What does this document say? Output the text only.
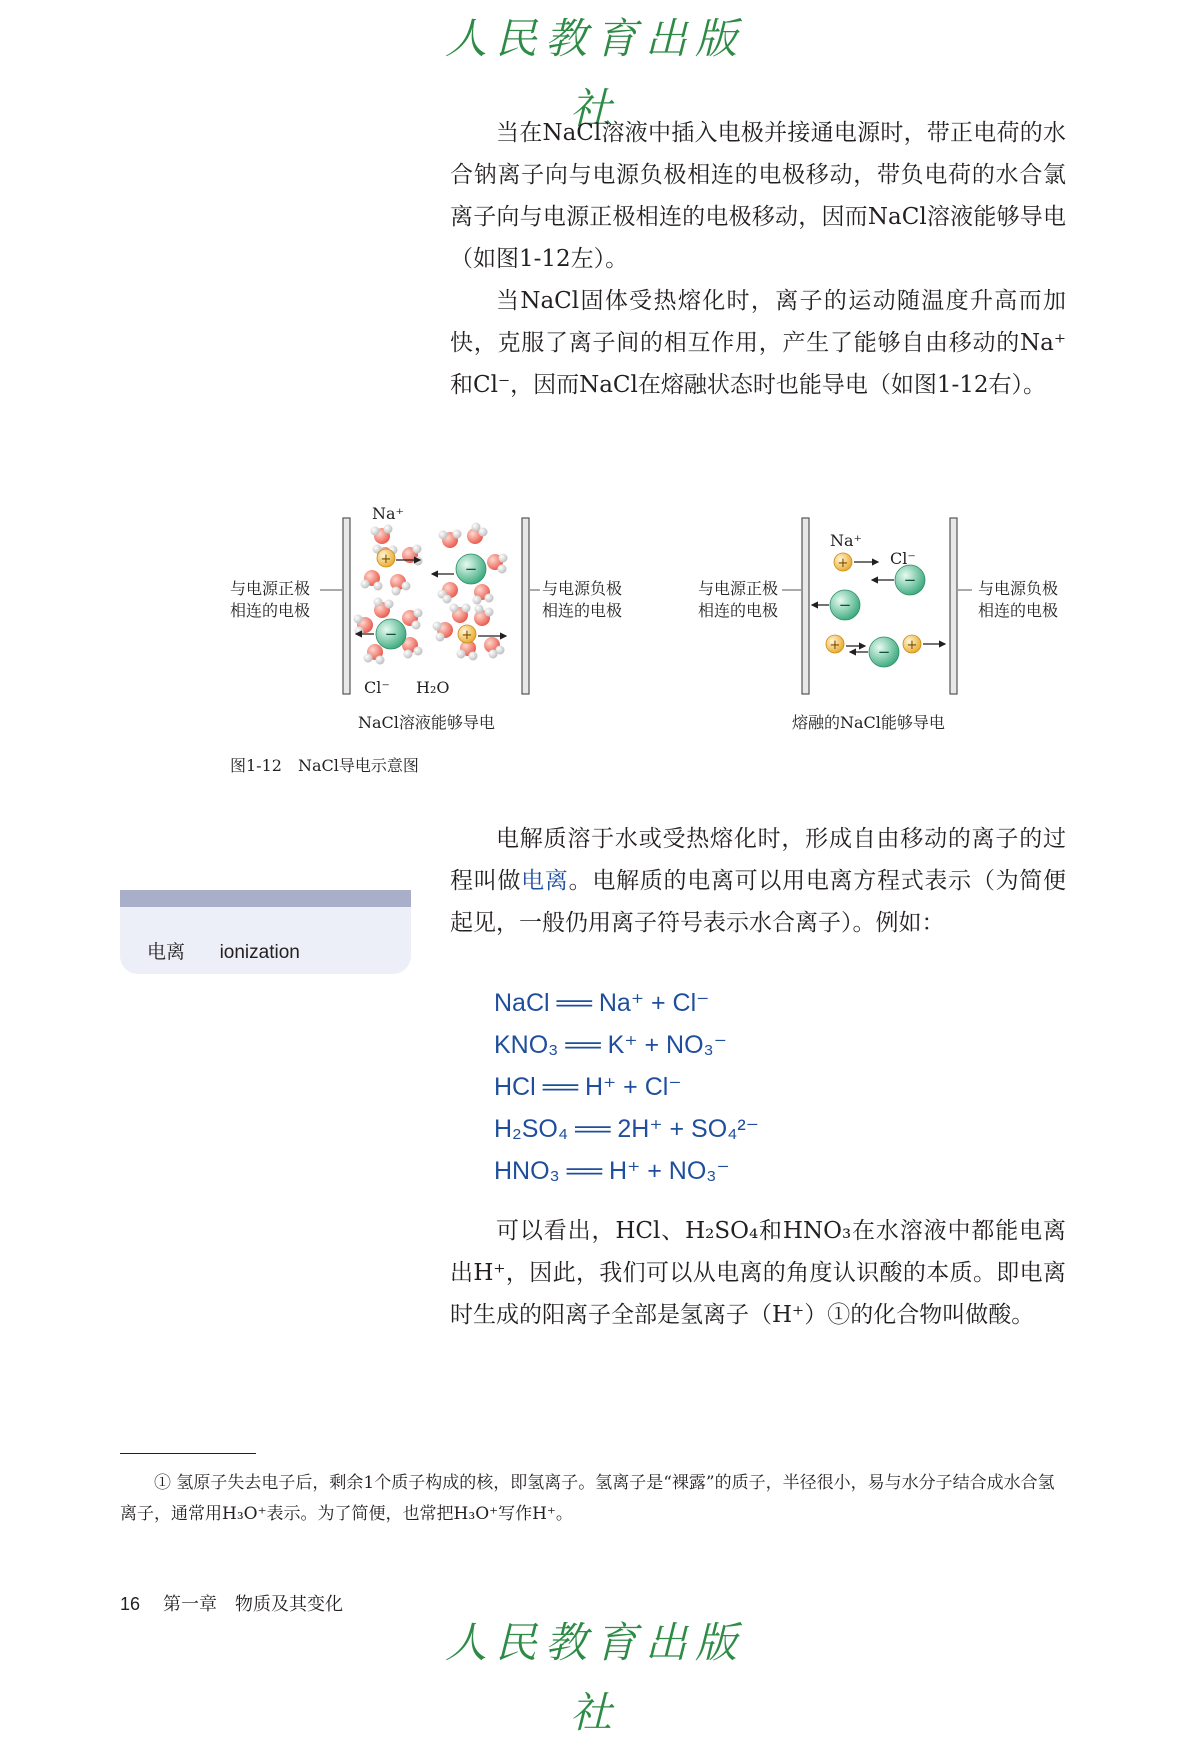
人民教育出版社

当在NaCl溶液中插入电极并接通电源时，带正电荷的水合钠离子向与电源负极相连的电极移动，带负电荷的水合氯离子向与电源正极相连的电极移动，因而NaCl溶液能够导电（如图1-12左）。

当NaCl固体受热熔化时，离子的运动随温度升高而加快，克服了离子间的相互作用，产生了能够自由移动的Na⁺和Cl⁻，因而NaCl在熔融状态时也能导电（如图1-12右）。

+
−
−	+
+
−
−
+ − +
与电源正极
相连的电极
与电源负极
相连的电极
Na⁺
Cl⁻ H₂O
NaCl溶液能够导电
与电源正极
相连的电极
与电源负极
相连的电极
Na⁺
Cl⁻
熔融的NaCl能够导电
图1-12　NaCl导电示意图

电解质溶于水或受热熔化时，形成自由移动的离子的过程叫做电离。电解质的电离可以用电离方程式表示（为简便起见，一般仍用离子符号表示水合离子）。例如：

电离 ionization
NaCl ══ Na⁺ + Cl⁻
KNO₃ ══ K⁺ + NO₃⁻
HCl ══ H⁺ + Cl⁻
H₂SO₄ ══ 2H⁺ + SO₄²⁻
HNO₃ ══ H⁺ + NO₃⁻

可以看出，HCl、H₂SO₄和HNO₃在水溶液中都能电离出H⁺，因此，我们可以从电离的角度认识酸的本质。即电离时生成的阳离子全部是氢离子（H⁺）①的化合物叫做酸。

① 氢原子失去电子后，剩余1个质子构成的核，即氢离子。氢离子是“裸露”的质子，半径很小，易与水分子结合成水合氢离子，通常用H₃O⁺表示。为了简便，也常把H₃O⁺写作H⁺。
16 第一章　物质及其变化
人民教育出版社
